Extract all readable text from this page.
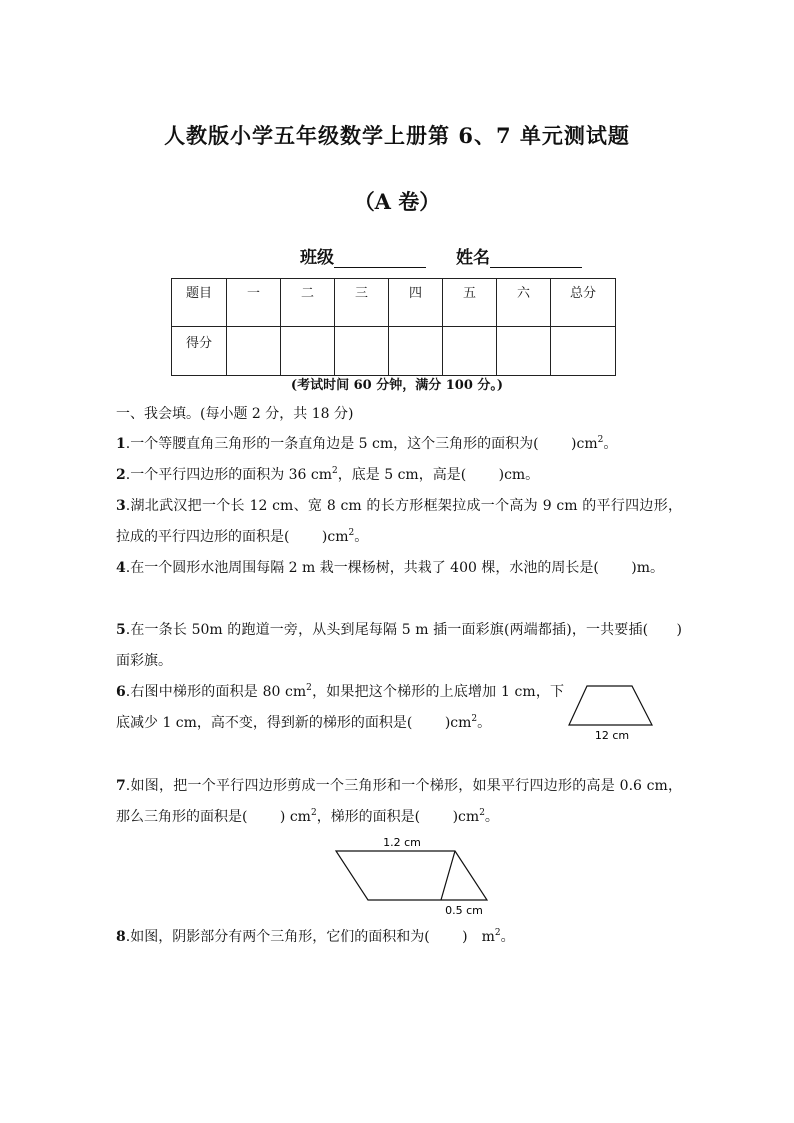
人教版小学五年级数学上册第 6、7 单元测试题
（A 卷）
班级	姓名
题目	一	二	三	四	五	六	总分
得分							
(考试时间 60 分钟，满分 100 分。)
一、我会填。(每小题 2 分，共 18 分)
1.一个等腰直角三角形的一条直角边是 5 cm，这个三角形的面积为(　　 )$cm^2$。
2.一个平行四边形的面积为 36 $cm^2$，底是 5 cm，高是(　　 )cm。
3.湖北武汉把一个长 12 cm、宽 8 cm 的长方形框架拉成一个高为 9 cm 的平行四边形，拉成的平行四边形的面积是(　　 )$cm^2$。
4.在一个圆形水池周围每隔 2 m 栽一棵杨树，共栽了 400 棵，水池的周长是(　　 )m。
5.在一条长 50m 的跑道一旁，从头到尾每隔 5 m 插一面彩旗(两端都插)，一共要插(　　)　面彩旗。
6.右图中梯形的面积是 80 $cm^2$，如果把这个梯形的上底增加 1 cm，下底减少 1 cm，高不变，得到新的梯形的面积是(　　 )$cm^2$。
12 cm
7.如图，把一个平行四边形剪成一个三角形和一个梯形，如果平行四边形的高是 0.6 cm，那么三角形的面积是(　　 ) $cm^2$，梯形的面积是(　　 )$cm^2$。
1.2 cm
0.5 cm
8.如图，阴影部分有两个三角形，它们的面积和为(　　 )　$m^2$。
